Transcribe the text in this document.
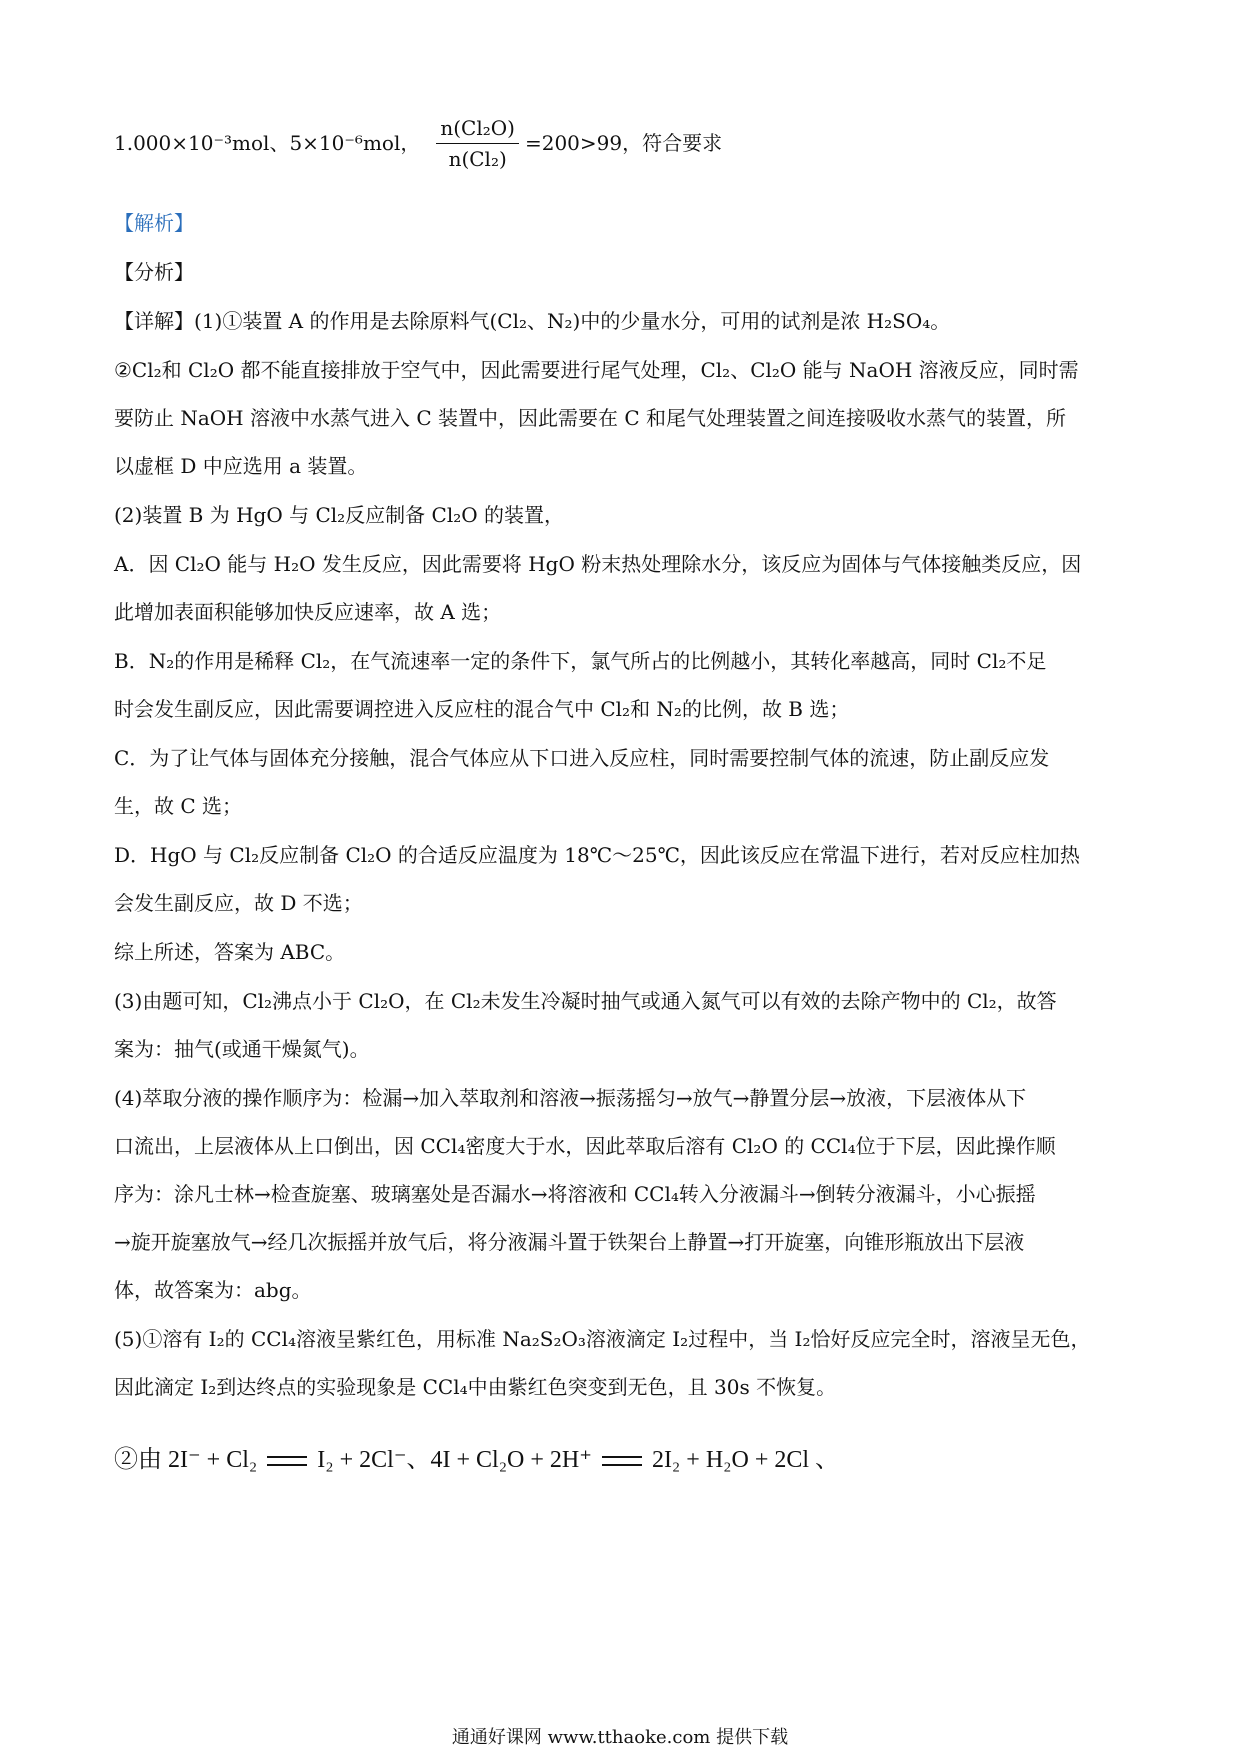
1.000×10⁻³mol、5×10⁻⁶mol， $\frac{\text{n(Cl₂O)}}{\text{n(Cl₂)}} =200>99$，符合要求

【解析】

【分析】

【详解】(1)①装置 A 的作用是去除原料气(Cl₂、N₂)中的少量水分，可用的试剂是浓 H₂SO₄。

②Cl₂和 Cl₂O 都不能直接排放于空气中，因此需要进行尾气处理，Cl₂、Cl₂O 能与 NaOH 溶液反应，同时需

要防止 NaOH 溶液中水蒸气进入 C 装置中，因此需要在 C 和尾气处理装置之间连接吸收水蒸气的装置，所

以虚框 D 中应选用 a 装置。

(2)装置 B 为 HgO 与 Cl₂反应制备 Cl₂O 的装置，

A．因 Cl₂O 能与 H₂O 发生反应，因此需要将 HgO 粉末热处理除水分，该反应为固体与气体接触类反应，因

此增加表面积能够加快反应速率，故 A 选；

B．N₂的作用是稀释 Cl₂，在气流速率一定的条件下，氯气所占的比例越小，其转化率越高，同时 Cl₂不足

时会发生副反应，因此需要调控进入反应柱的混合气中 Cl₂和 N₂的比例，故 B 选；

C．为了让气体与固体充分接触，混合气体应从下口进入反应柱，同时需要控制气体的流速，防止副反应发

生，故 C 选；

D．HgO 与 Cl₂反应制备 Cl₂O 的合适反应温度为 18℃～25℃，因此该反应在常温下进行，若对反应柱加热

会发生副反应，故 D 不选；

综上所述，答案为 ABC。

(3)由题可知，Cl₂沸点小于 Cl₂O，在 Cl₂未发生冷凝时抽气或通入氮气可以有效的去除产物中的 Cl₂，故答

案为：抽气(或通干燥氮气)。

(4)萃取分液的操作顺序为：检漏→加入萃取剂和溶液→振荡摇匀→放气→静置分层→放液，下层液体从下

口流出，上层液体从上口倒出，因 CCl₄密度大于水，因此萃取后溶有 Cl₂O 的 CCl₄位于下层，因此操作顺

序为：涂凡士林→检查旋塞、玻璃塞处是否漏水→将溶液和 CCl₄转入分液漏斗→倒转分液漏斗，小心振摇

→旋开旋塞放气→经几次振摇并放气后，将分液漏斗置于铁架台上静置→打开旋塞，向锥形瓶放出下层液

体，故答案为：abg。

(5)①溶有 I₂的 CCl₄溶液呈紫红色，用标准 Na₂S₂O₃溶液滴定 I₂过程中，当 I₂恰好反应完全时，溶液呈无色，

因此滴定 I₂到达终点的实验现象是 CCl₄中由紫红色突变到无色，且 30s 不恢复。

②由 2I⁻ + Cl₂	I₂ + 2Cl⁻、4I + Cl₂O + 2H⁺	2I₂ + H₂O + 2Cl 、

通通好课网 www.tthaoke.com 提供下载
